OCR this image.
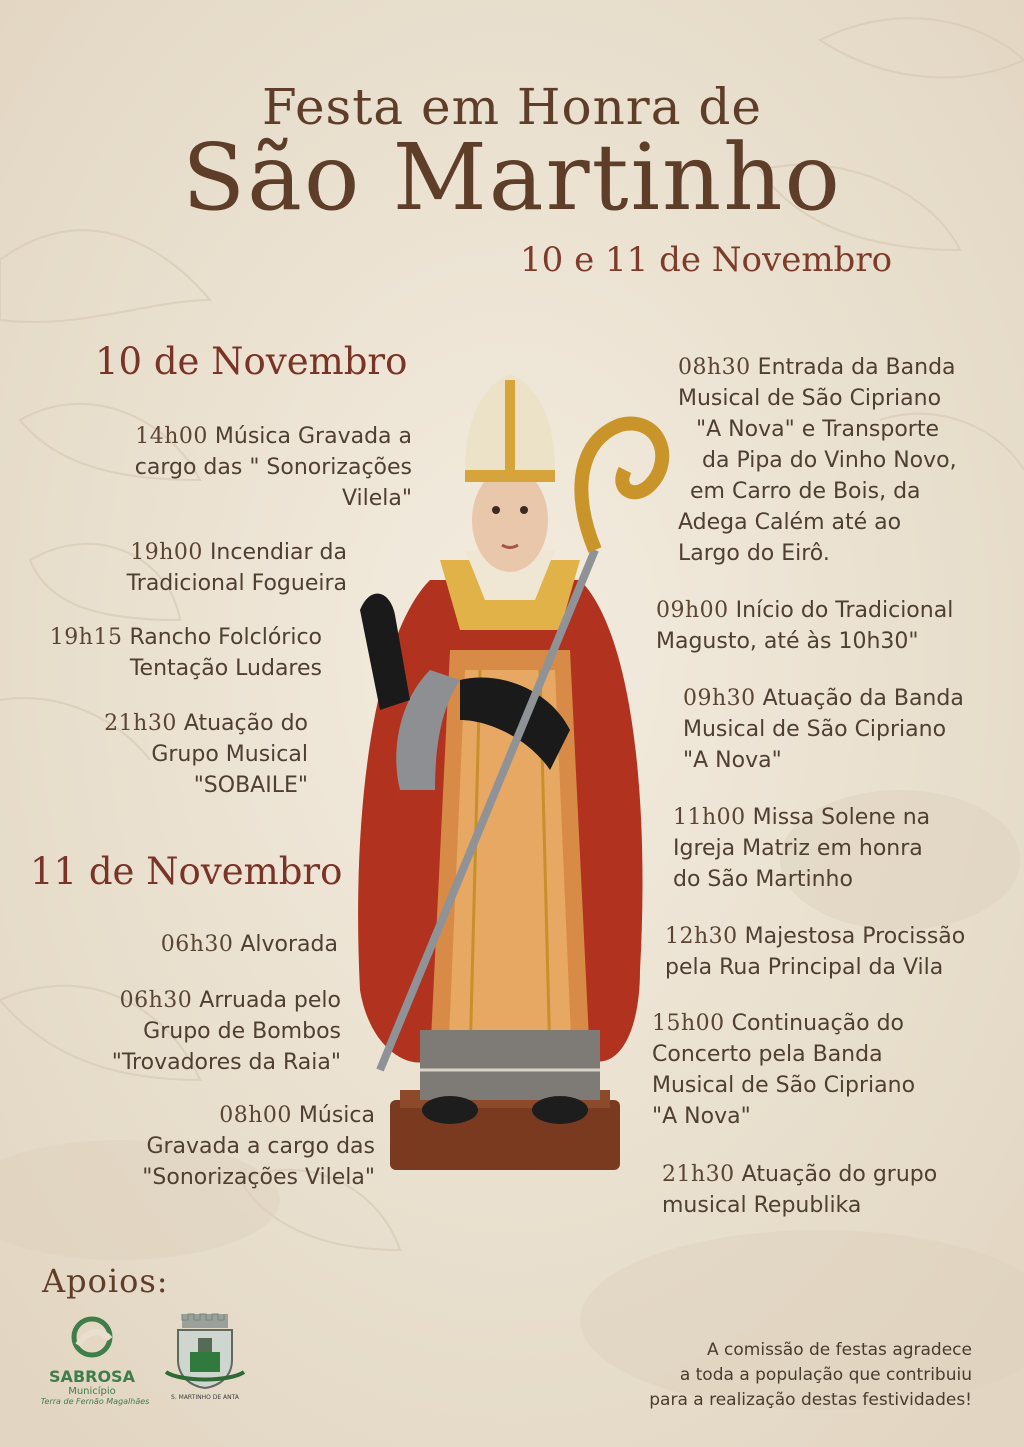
Festa em Honra de
São Martinho
10 e 11 de Novembro
10 de Novembro
14h00 Música Gravada a
cargo das " Sonorizações
Vilela"
19h00 Incendiar da
Tradicional Fogueira
19h15 Rancho Folclórico
Tentação Ludares
21h30 Atuação do
Grupo Musical
"SOBAILE"
11 de Novembro
06h30 Alvorada
06h30 Arruada pelo
Grupo de Bombos
"Trovadores da Raia"
08h00 Música
Gravada a cargo das
"Sonorizações Vilela"
08h30 Entrada da Banda
Musical de São Cipriano
"A Nova" e Transporte
da Pipa do Vinho Novo,
em Carro de Bois, da
Adega Calém até ao
Largo do Eirô.
09h00 Início do Tradicional
Magusto, até às 10h30"
09h30 Atuação da Banda
Musical de São Cipriano
"A Nova"
11h00 Missa Solene na
Igreja Matriz em honra
do São Martinho
12h30 Majestosa Procissão
pela Rua Principal da Vila
15h00 Continuação do
Concerto pela Banda
Musical de São Cipriano
"A Nova"
21h30 Atuação do grupo
musical Republika
Apoios:
SABROSA
Município
Terra de Fernão Magalhães	S. MARTINHO DE ANTA
A comissão de festas agradece
a toda a população que contribuiu
para a realização destas festividades!
